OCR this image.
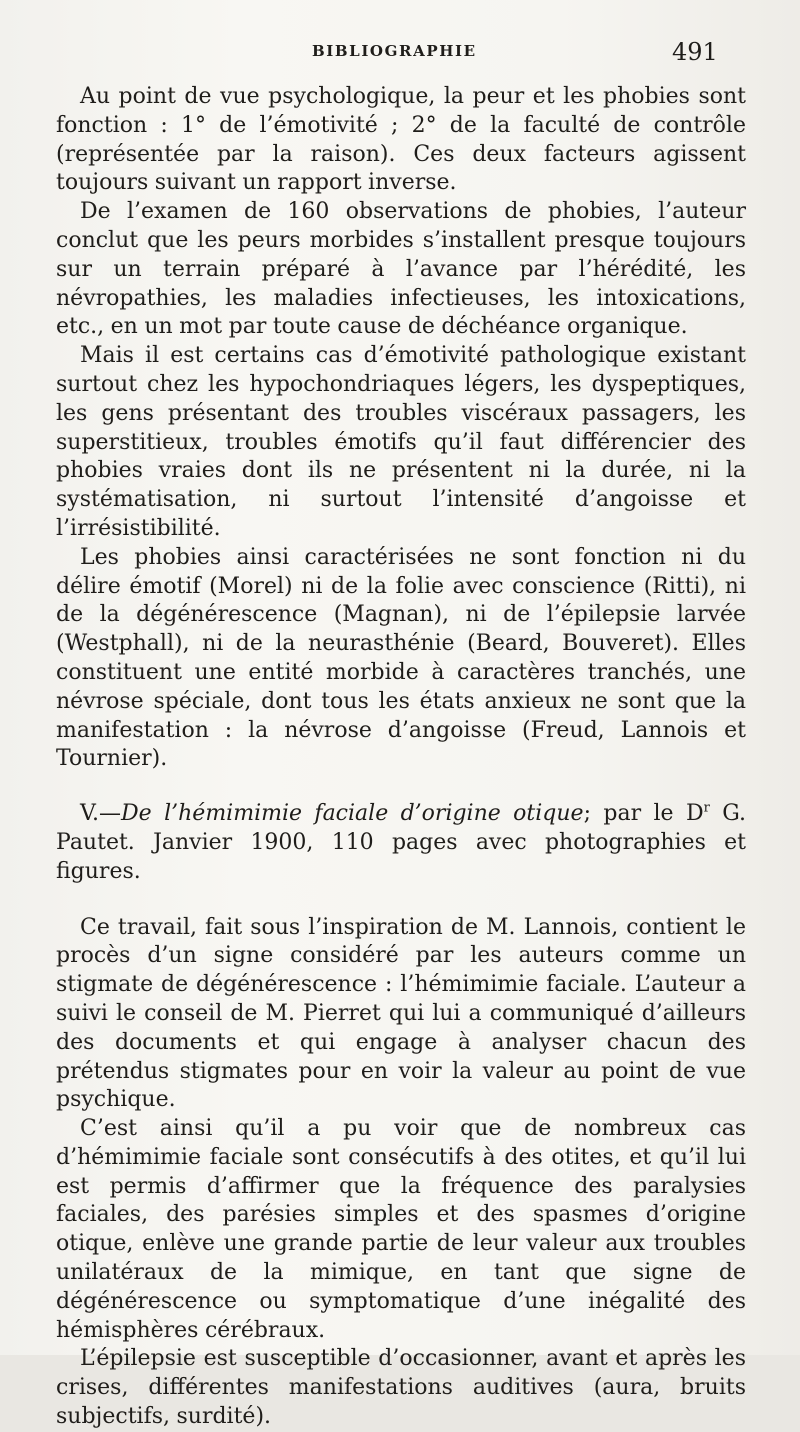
BIBLIOGRAPHIE	491

Au point de vue psychologique, la peur et les phobies sont fonction : 1° de l’émotivité ; 2° de la faculté de contrôle (représentée par la raison). Ces deux facteurs agissent toujours suivant un rapport inverse.

De l’examen de 160 observations de phobies, l’auteur conclut que les peurs morbides s’installent presque toujours sur un terrain préparé à l’avance par l’hérédité, les névropathies, les maladies infectieuses, les intoxications, etc., en un mot par toute cause de déchéance organique.

Mais il est certains cas d’émotivité pathologique existant surtout chez les hypochondriaques légers, les dyspeptiques, les gens présentant des troubles viscéraux passagers, les superstitieux, troubles émotifs qu’il faut différencier des phobies vraies dont ils ne présentent ni la durée, ni la systématisation, ni surtout l’intensité d’angoisse et l’irrésistibilité.

Les phobies ainsi caractérisées ne sont fonction ni du délire émotif (Morel) ni de la folie avec conscience (Ritti), ni de la dégénérescence (Magnan), ni de l’épilepsie larvée (Westphall), ni de la neurasthénie (Beard, Bouveret). Elles constituent une entité morbide à caractères tranchés, une névrose spéciale, dont tous les états anxieux ne sont que la manifestation : la névrose d’angoisse (Freud, Lannois et Tournier).

V.—De l’hémimimie faciale d’origine otique; par le $D^r$ G. Pautet. Janvier 1900, 110 pages avec photographies et figures.

Ce travail, fait sous l’inspiration de M. Lannois, contient le procès d’un signe considéré par les auteurs comme un stigmate de dégénérescence : l’hémimimie faciale. L’auteur a suivi le conseil de M. Pierret qui lui a communiqué d’ailleurs des documents et qui engage à analyser chacun des prétendus stigmates pour en voir la valeur au point de vue psychique.

C’est ainsi qu’il a pu voir que de nombreux cas d’hémimimie faciale sont consécutifs à des otites, et qu’il lui est permis d’affirmer que la fréquence des paralysies faciales, des parésies simples et des spasmes d’origine otique, enlève une grande partie de leur valeur aux troubles unilatéraux de la mimique, en tant que signe de dégénérescence ou symptomatique d’une inégalité des hémisphères cérébraux.

L’épilepsie est susceptible d’occasionner, avant et après les crises, différentes manifestations auditives (aura, bruits subjectifs, surdité).
